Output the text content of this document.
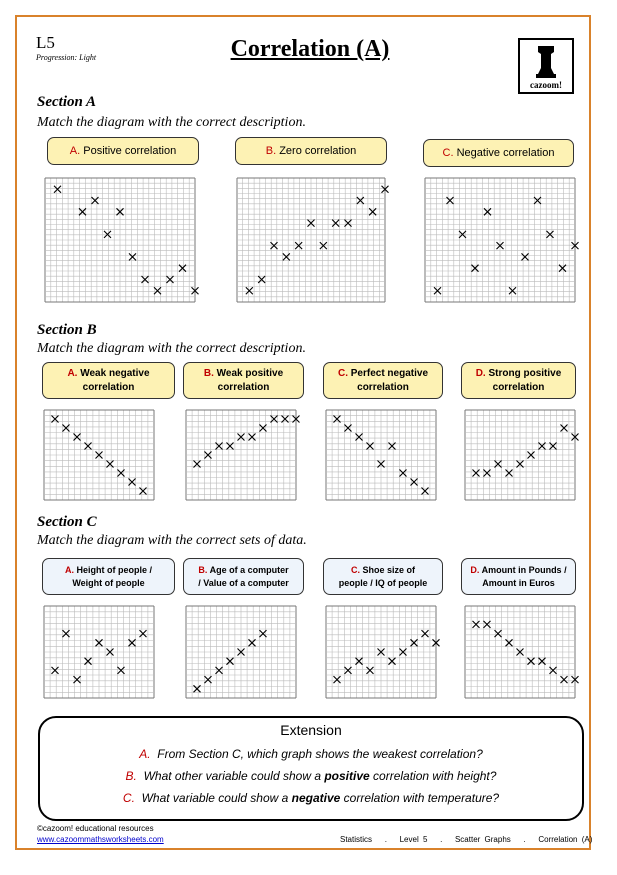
L5
Progression: Light	Correlation (A)
cazoom!
Section A
Match the diagram with the correct description.
A.
Positive correlation	B.
Zero correlation	C.
Negative correlation
Section B
Match the diagram with the correct description.
A. Weak negative
correlation
B. Weak positive
correlation
C. Perfect negative
correlation
D. Strong positive
correlation
Section C
Match the diagram with the correct sets of data.
A. Height of people /
Weight of people
B. Age of a computer
/ Value of a computer
C. Shoe size of
people / IQ of people
D. Amount in Pounds /
Amount in Euros
Extension
A. From Section C, which graph shows the weakest correlation?
B. What other variable could show a positive correlation with height?
C. What variable could show a negative correlation with temperature?
©cazoom! educational resources
www.cazoommathsworksheets.com	Statistics . Level 5 . Scatter Graphs . Correlation (A)
